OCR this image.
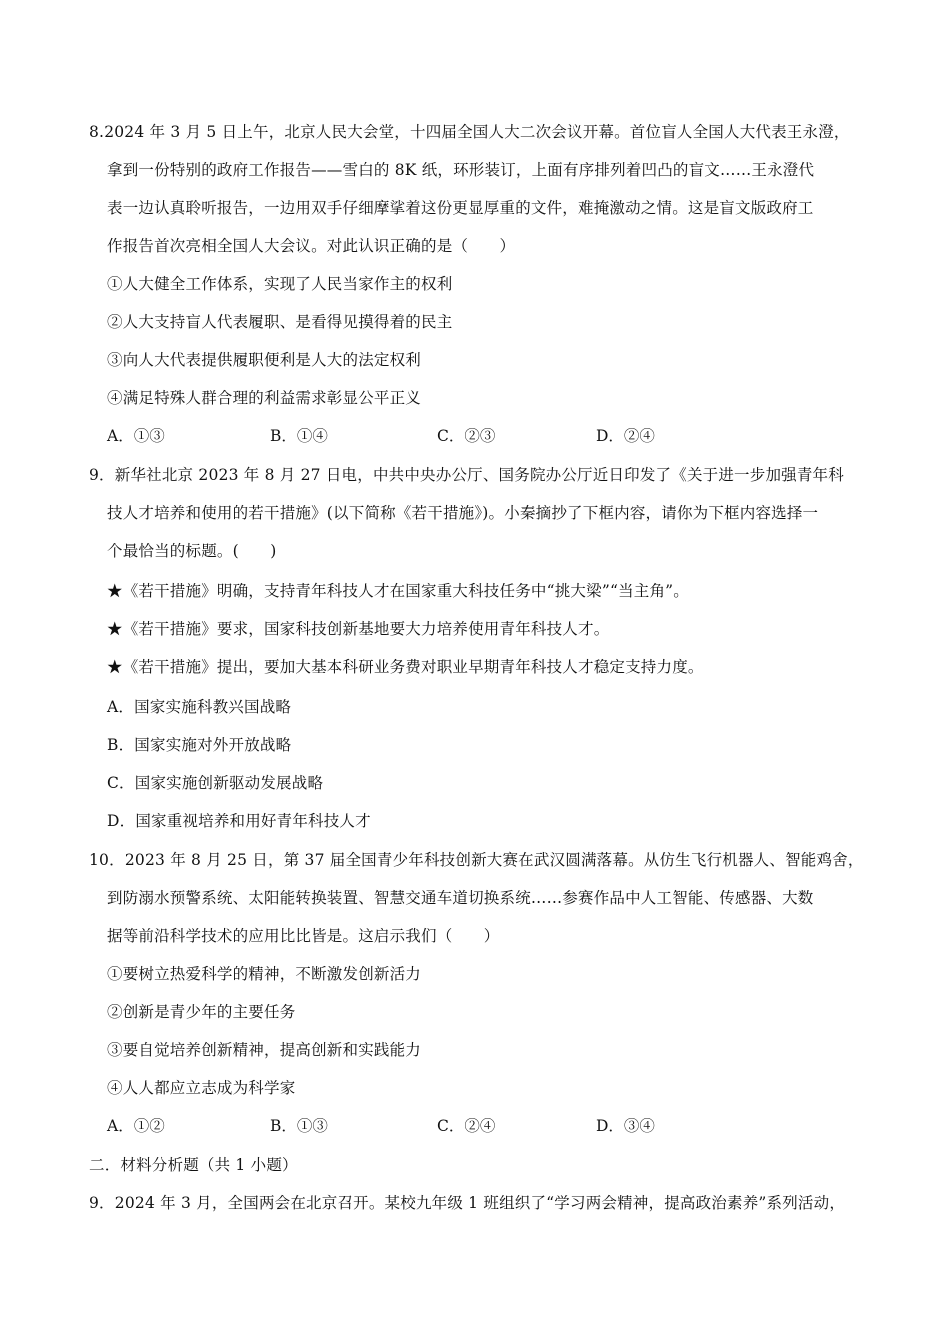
8.2024 年 3 月 5 日上午，北京人民大会堂，十四届全国人大二次会议开幕。首位盲人全国人大代表王永澄，
拿到一份特别的政府工作报告——雪白的 8K 纸，环形装订，上面有序排列着凹凸的盲文……王永澄代
表一边认真聆听报告，一边用双手仔细摩挲着这份更显厚重的文件，难掩激动之情。这是盲文版政府工
作报告首次亮相全国人大会议。对此认识正确的是（　　）
①人大健全工作体系，实现了人民当家作主的权利
②人大支持盲人代表履职、是看得见摸得着的民主
③向人大代表提供履职便利是人大的法定权利
④满足特殊人群合理的利益需求彰显公平正义
A．①③	B．①④	C．②③	D．②④
9．新华社北京 2023 年 8 月 27 日电，中共中央办公厅、国务院办公厅近日印发了《关于进一步加强青年科
技人才培养和使用的若干措施》(以下简称《若干措施》)。小秦摘抄了下框内容，请你为下框内容选择一
个最恰当的标题。(　　)
★《若干措施》明确，支持青年科技人才在国家重大科技任务中“挑大梁”“当主角”。
★《若干措施》要求，国家科技创新基地要大力培养使用青年科技人才。
★《若干措施》提出，要加大基本科研业务费对职业早期青年科技人才稳定支持力度。
A．国家实施科教兴国战略
B．国家实施对外开放战略
C．国家实施创新驱动发展战略
D．国家重视培养和用好青年科技人才
10．2023 年 8 月 25 日，第 37 届全国青少年科技创新大赛在武汉圆满落幕。从仿生飞行机器人、智能鸡舍，
到防溺水预警系统、太阳能转换装置、智慧交通车道切换系统……参赛作品中人工智能、传感器、大数
据等前沿科学技术的应用比比皆是。这启示我们（　　）
①要树立热爱科学的精神，不断激发创新活力
②创新是青少年的主要任务
③要自觉培养创新精神，提高创新和实践能力
④人人都应立志成为科学家
A．①②	B．①③	C．②④	D．③④
二．材料分析题（共 1 小题）
9．2024 年 3 月，全国两会在北京召开。某校九年级 1 班组织了“学习两会精神，提高政治素养”系列活动，
